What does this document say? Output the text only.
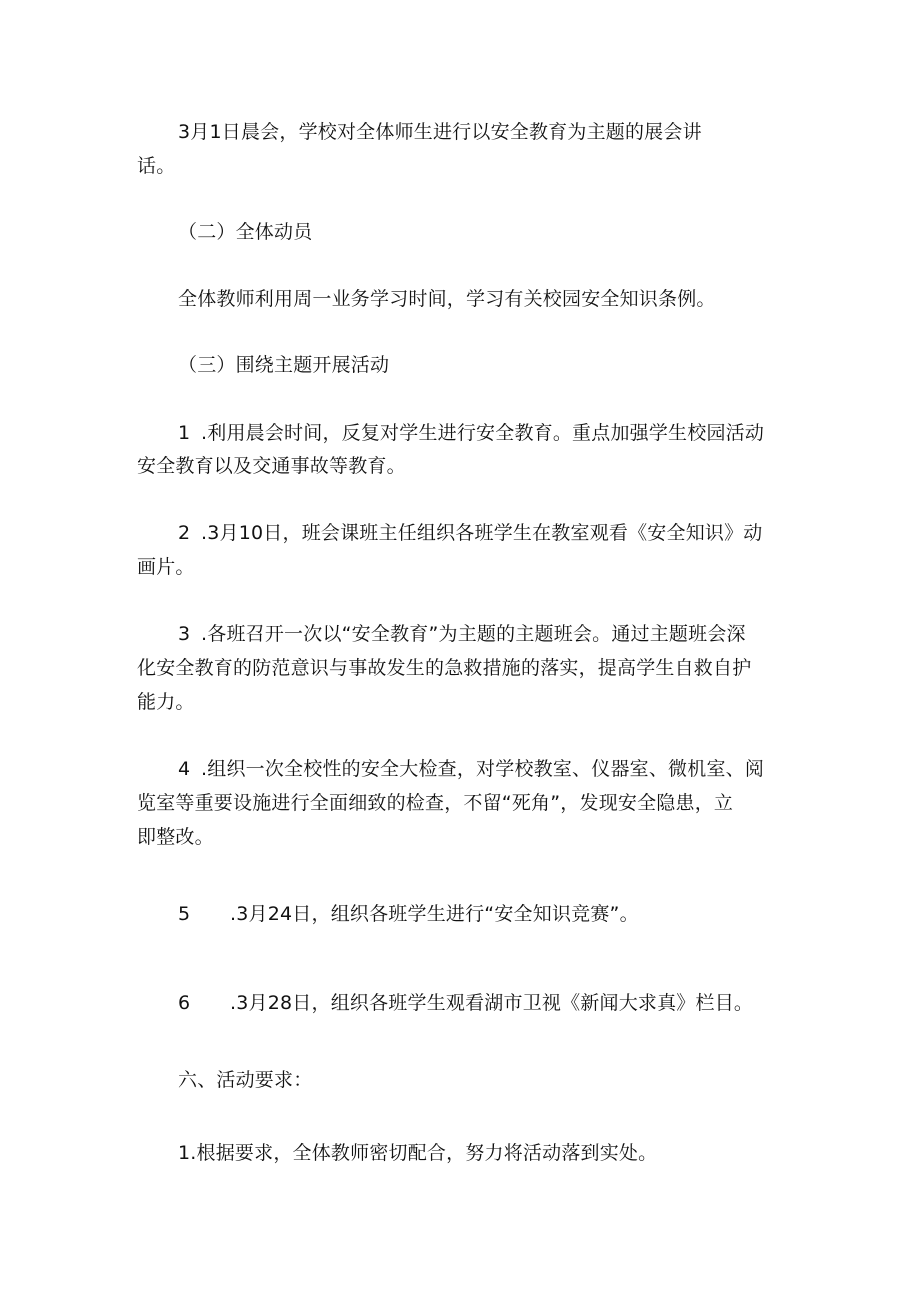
3月1日晨会，学校对全体师生进行以安全教育为主题的展会讲
话。
（二）全体动员
全体教师利用周一业务学习时间，学习有关校园安全知识条例。
（三）围绕主题开展活动
1 .利用晨会时间，反复对学生进行安全教育。重点加强学生校园活动
安全教育以及交通事故等教育。
2 .3月10日，班会课班主任组织各班学生在教室观看《安全知识》动
画片。
3 .各班召开一次以“安全教育”为主题的主题班会。通过主题班会深
化安全教育的防范意识与事故发生的急救措施的落实，提高学生自救自护
能力。
4 .组织一次全校性的安全大检查，对学校教室、仪器室、微机室、阅
览室等重要设施进行全面细致的检查，不留“死角”，发现安全隐患，立
即整改。
5 .3月24日，组织各班学生进行“安全知识竞赛”。
6 .3月28日，组织各班学生观看湖市卫视《新闻大求真》栏目。
六、活动要求：
1.根据要求，全体教师密切配合，努力将活动落到实处。
